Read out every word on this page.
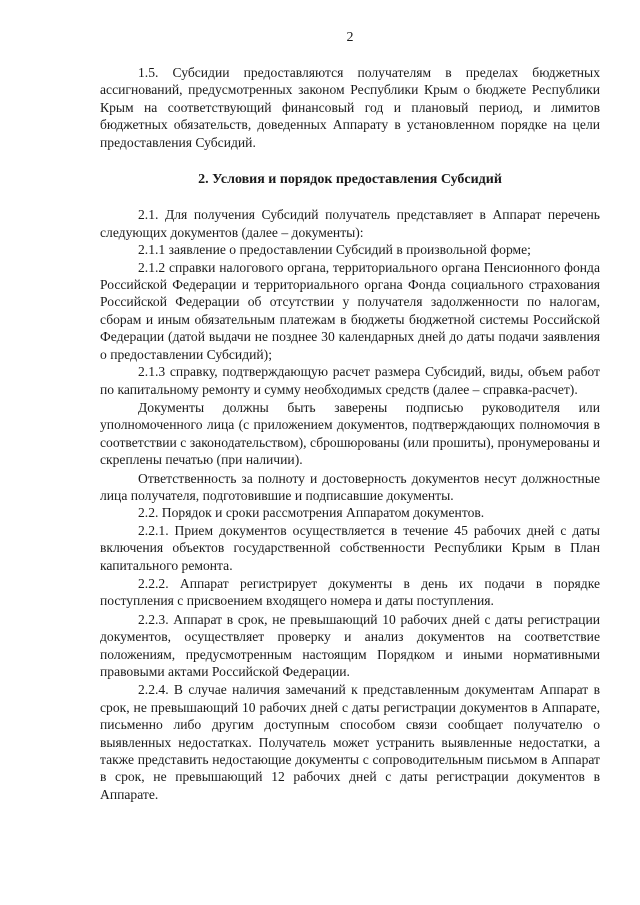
2

1.5. Субсидии предоставляются получателям в пределах бюджетных ассигнований, предусмотренных законом Республики Крым о бюджете Республики Крым на соответствующий финансовый год и плановый период, и лимитов бюджетных обязательств, доведенных Аппарату в установленном порядке на цели предоставления Субсидий.

2. Условия и порядок предоставления Субсидий

2.1. Для получения Субсидий получатель представляет в Аппарат перечень следующих документов (далее – документы):

2.1.1 заявление о предоставлении Субсидий в произвольной форме;

2.1.2 справки налогового органа, территориального органа Пенсионного фонда Российской Федерации и территориального органа Фонда социального страхования Российской Федерации об отсутствии у получателя задолженности по налогам, сборам и иным обязательным платежам в бюджеты бюджетной системы Российской Федерации (датой выдачи не позднее 30 календарных дней до даты подачи заявления о предоставлении Субсидий);

2.1.3 справку, подтверждающую расчет размера Субсидий, виды, объем работ по капитальному ремонту и сумму необходимых средств (далее – справка-расчет).

Документы должны быть заверены подписью руководителя или уполномоченного лица (с приложением документов, подтверждающих полномочия в соответствии с законодательством), сброшюрованы (или прошиты), пронумерованы и скреплены печатью (при наличии).

Ответственность за полноту и достоверность документов несут должностные лица получателя, подготовившие и подписавшие документы.

2.2. Порядок и сроки рассмотрения Аппаратом документов.

2.2.1. Прием документов осуществляется в течение 45 рабочих дней с даты включения объектов государственной собственности Республики Крым в План капитального ремонта.

2.2.2. Аппарат регистрирует документы в день их подачи в порядке поступления с присвоением входящего номера и даты поступления.

2.2.3. Аппарат в срок, не превышающий 10 рабочих дней с даты регистрации документов, осуществляет проверку и анализ документов на соответствие положениям, предусмотренным настоящим Порядком и иными нормативными правовыми актами Российской Федерации.

2.2.4. В случае наличия замечаний к представленным документам Аппарат в срок, не превышающий 10 рабочих дней с даты регистрации документов в Аппарате, письменно либо другим доступным способом связи сообщает получателю о выявленных недостатках. Получатель может устранить выявленные недостатки, а также представить недостающие документы с сопроводительным письмом в Аппарат в срок, не превышающий 12 рабочих дней с даты регистрации документов в Аппарате.
